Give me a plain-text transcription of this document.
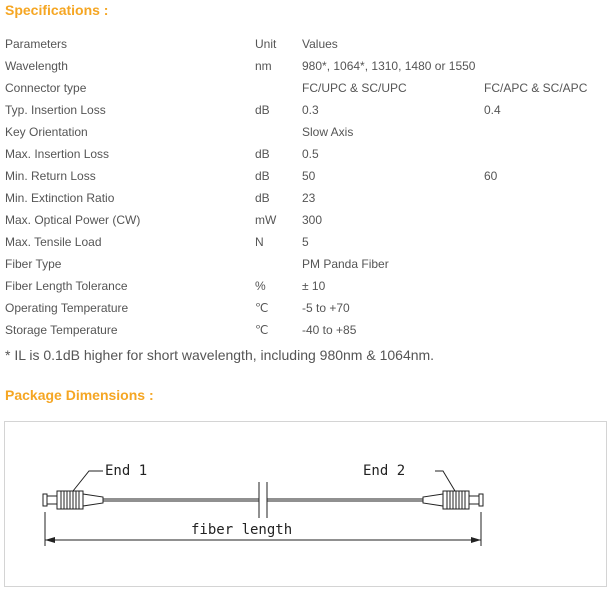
Specifications :
Parameters	Unit	Values	
Wavelength	nm	980*, 1064*, 1310, 1480 or 1550	
Connector type		FC/UPC & SC/UPC	FC/APC & SC/APC
Typ. Insertion Loss	dB	0.3	0.4
Key Orientation		Slow Axis	
Max. Insertion Loss	dB	0.5	
Min. Return Loss	dB	50	60
Min. Extinction Ratio	dB	23	
Max. Optical Power (CW)	mW	300	
Max. Tensile Load	N	5	
Fiber Type		PM Panda Fiber	
Fiber Length Tolerance	%	± 10	
Operating Temperature	℃	-5 to +70	
Storage Temperature	℃	-40 to +85	
* IL is 0.1dB higher for short wavelength, including 980nm & 1064nm.
Package Dimensions :
End 1	End 2
fiber length
